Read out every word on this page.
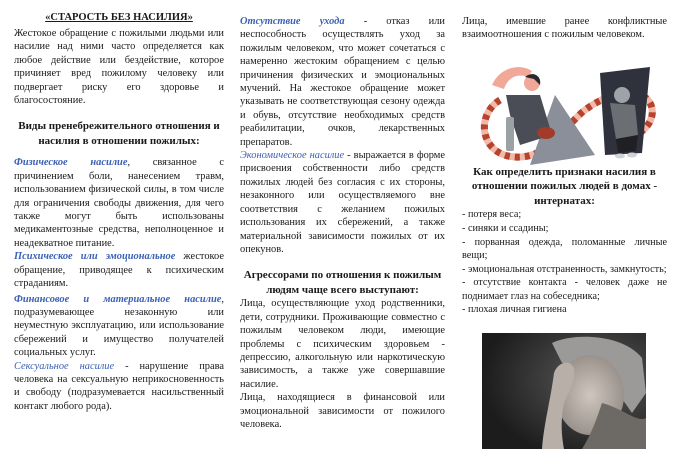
«СТАРОСТЬ БЕЗ НАСИЛИЯ»

Жестокое обращение с пожилыми людьми или насилие над ними часто определяется как любое действие или бездействие, которое причиняет вред пожилому человеку или подвергает риску его здоровье и благосостояние.

Виды пренебрежительного отношения и насилия в отношении пожилых:

Физическое насилие, связанное с причинением боли, нанесением травм, использованием физической силы, в том числе для ограничения свободы движения, для чего также могут быть использованы медикаментозные средства, неполноценное и неадекватное питание.

Психическое или эмоциональное жестокое обращение, приводящее к психическим страданиям.

Финансовое и материальное насилие, подразумевающее незаконную или неуместную эксплуатацию, или использование сбережений и имущество получателей социальных услуг.

Сексуальное насилие - нарушение права человека на сексуальную неприкосновенность и свободу (подразумевается насильственный контакт любого рода).

Отсутствие ухода - отказ или неспособность осуществлять уход за пожилым человеком, что может сочетаться с намеренно жестоким обращением с целью причинения физических и эмоциональных мучений. На жестокое обращение может указывать не соответствующая сезону одежда и обувь, отсутствие необходимых средств реабилитации, очков, лекарственных препаратов.

Экономическое насилие - выражается в форме присвоения собственности либо средств пожилых людей без согласия с их стороны, незаконного или осуществляемого вне соответствия с желанием пожилых использования их сбережений, а также материальной зависимости пожилых от их опекунов.

Агрессорами по отношения к пожилым людям чаще всего выступают:

Лица, осуществляющие уход родственники, дети, сотрудники. Проживающие совместно с пожилым человеком люди, имеющие проблемы с психическим здоровьем - депрессию, алкогольную или наркотическую зависимость, а также уже совершавшие насилие.

Лица, находящиеся в финансовой или эмоциональной зависимости от пожилого человека.

Лица, имевшие ранее конфликтные взаимоотношения с пожилым человеком.

Как определить признаки насилия в отношении пожилых людей в домах - интернатах:

- потеря веса;
- синяки и ссадины;
- порванная одежда, поломанные личные вещи;
- эмоциональная отстраненность, замкнутость;
- отсутствие контакта - человек даже не поднимает глаз на собеседника;
- плохая личная гигиена
